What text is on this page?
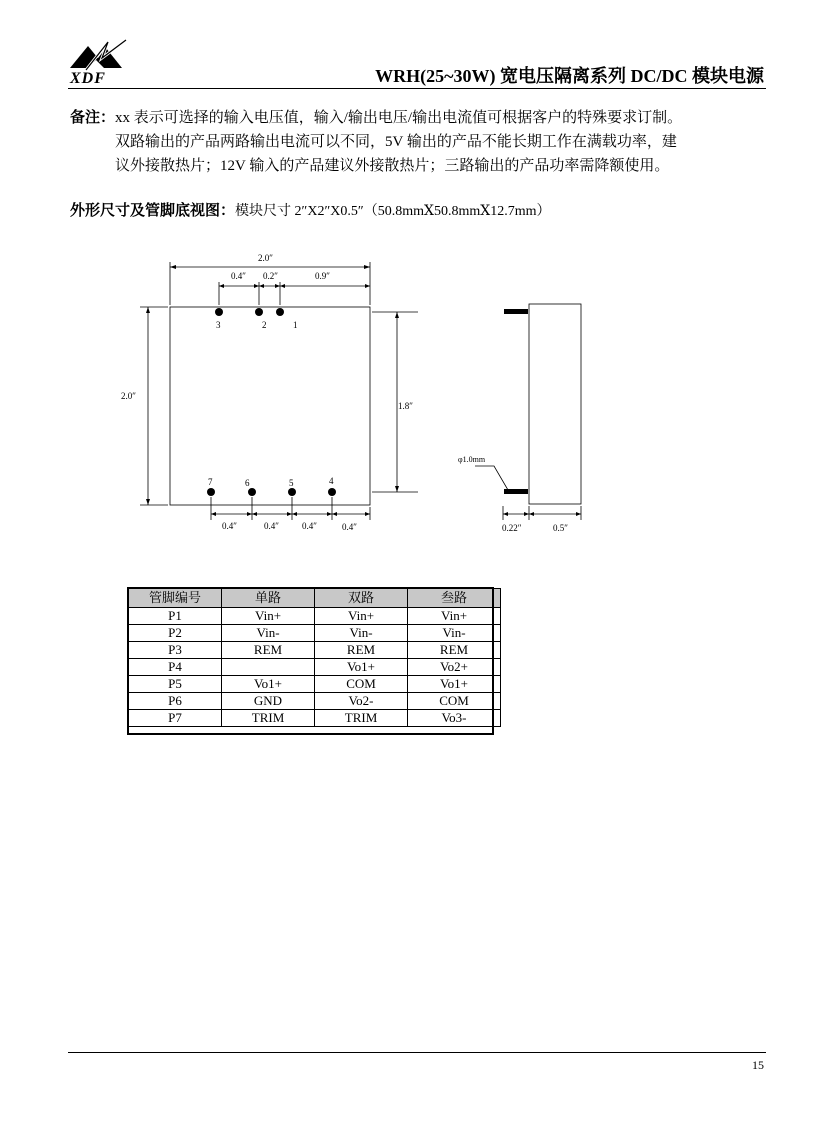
XDF	WRH(25~30W) 宽电压隔离系列 DC/DC 模块电源
备注： xx 表示可选择的输入电压值，输入/输出电压/输出电流值可根据客户的特殊要求订制。
双路输出的产品两路输出电流可以不同，5V 输出的产品不能长期工作在满载功率，建
议外接散热片；12V 输入的产品建议外接散热片；三路输出的产品功率需降额使用。
外形尺寸及管脚底视图：模块尺寸 2″X2″X0.5″（50.8mmⅩ50.8mmⅩ12.7mm）
2.0″
0.4″ 0.2″	0.9″
2.0″
1.8″
3	2	1
7	6	5	4
0.4″	0.4″	0.4″	0.4″
φ1.0mm
0.22″	0.5″
管脚编号	单路	双路	叁路
P1	Vin+	Vin+	Vin+
P2	Vin-	Vin-	Vin-
P3	REM	REM	REM
P4		Vo1+	Vo2+
P5	Vo1+	COM	Vo1+
P6	GND	Vo2-	COM
P7	TRIM	TRIM	Vo3-
15
